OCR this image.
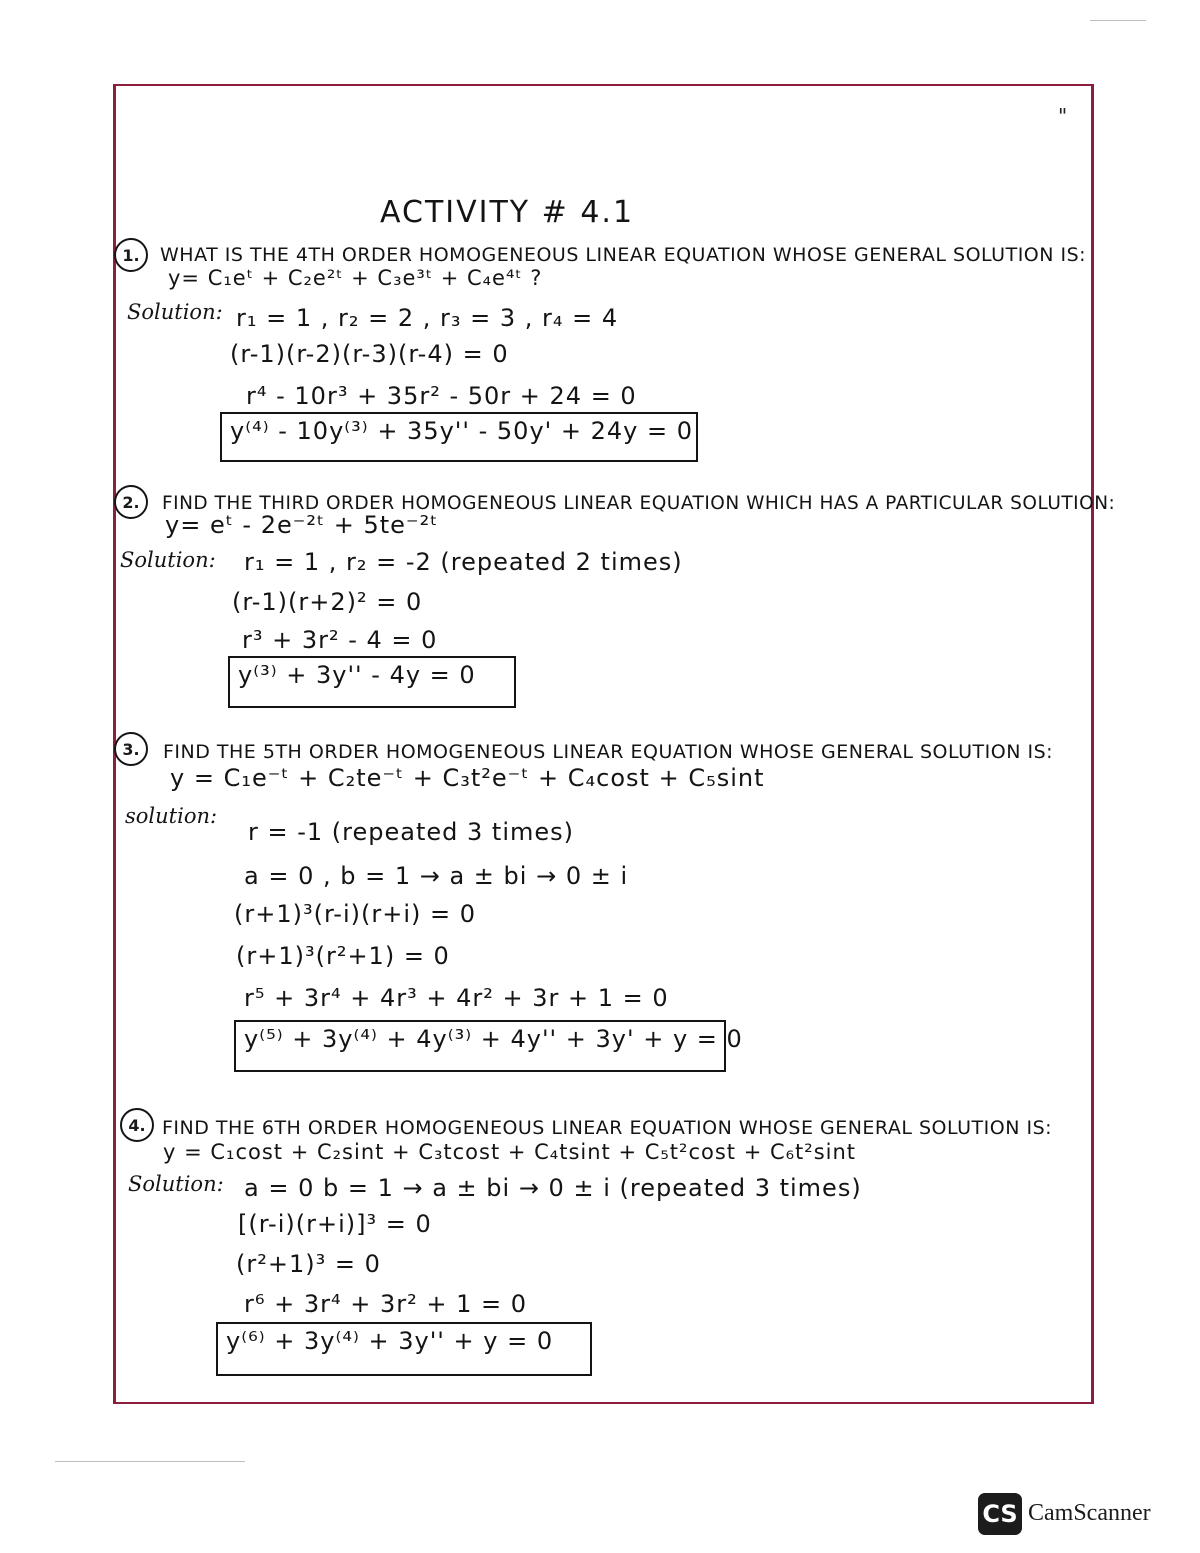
"
ACTIVITY # 4.1
1.	WHAT IS THE 4TH ORDER HOMOGENEOUS LINEAR EQUATION WHOSE GENERAL SOLUTION IS:
y= C₁eᵗ + C₂e²ᵗ + C₃e³ᵗ + C₄e⁴ᵗ ?
Solution: r₁ = 1 , r₂ = 2 , r₃ = 3 , r₄ = 4
(r-1)(r-2)(r-3)(r-4) = 0
r⁴ - 10r³ + 35r² - 50r + 24 = 0
y⁽⁴⁾ - 10y⁽³⁾ + 35y'' - 50y' + 24y = 0
2.	FIND THE THIRD ORDER HOMOGENEOUS LINEAR EQUATION WHICH HAS A PARTICULAR SOLUTION:
y= eᵗ - 2e⁻²ᵗ + 5te⁻²ᵗ
Solution: r₁ = 1 , r₂ = -2 (repeated 2 times)
(r-1)(r+2)² = 0
r³ + 3r² - 4 = 0
y⁽³⁾ + 3y'' - 4y = 0
3.	FIND THE 5TH ORDER HOMOGENEOUS LINEAR EQUATION WHOSE GENERAL SOLUTION IS:
y = C₁e⁻ᵗ + C₂te⁻ᵗ + C₃t²e⁻ᵗ + C₄cost + C₅sint
solution:
r = -1 (repeated 3 times)
a = 0 , b = 1 → a ± bi → 0 ± i
(r+1)³(r-i)(r+i) = 0
(r+1)³(r²+1) = 0
r⁵ + 3r⁴ + 4r³ + 4r² + 3r + 1 = 0
y⁽⁵⁾ + 3y⁽⁴⁾ + 4y⁽³⁾ + 4y'' + 3y' + y = 0
4. FIND THE 6TH ORDER HOMOGENEOUS LINEAR EQUATION WHOSE GENERAL SOLUTION IS:
y = C₁cost + C₂sint + C₃tcost + C₄tsint + C₅t²cost + C₆t²sint
Solution: a = 0 b = 1 → a ± bi → 0 ± i (repeated 3 times)
[(r-i)(r+i)]³ = 0
(r²+1)³ = 0
r⁶ + 3r⁴ + 3r² + 1 = 0
y⁽⁶⁾ + 3y⁽⁴⁾ + 3y'' + y = 0
CS CamScanner
